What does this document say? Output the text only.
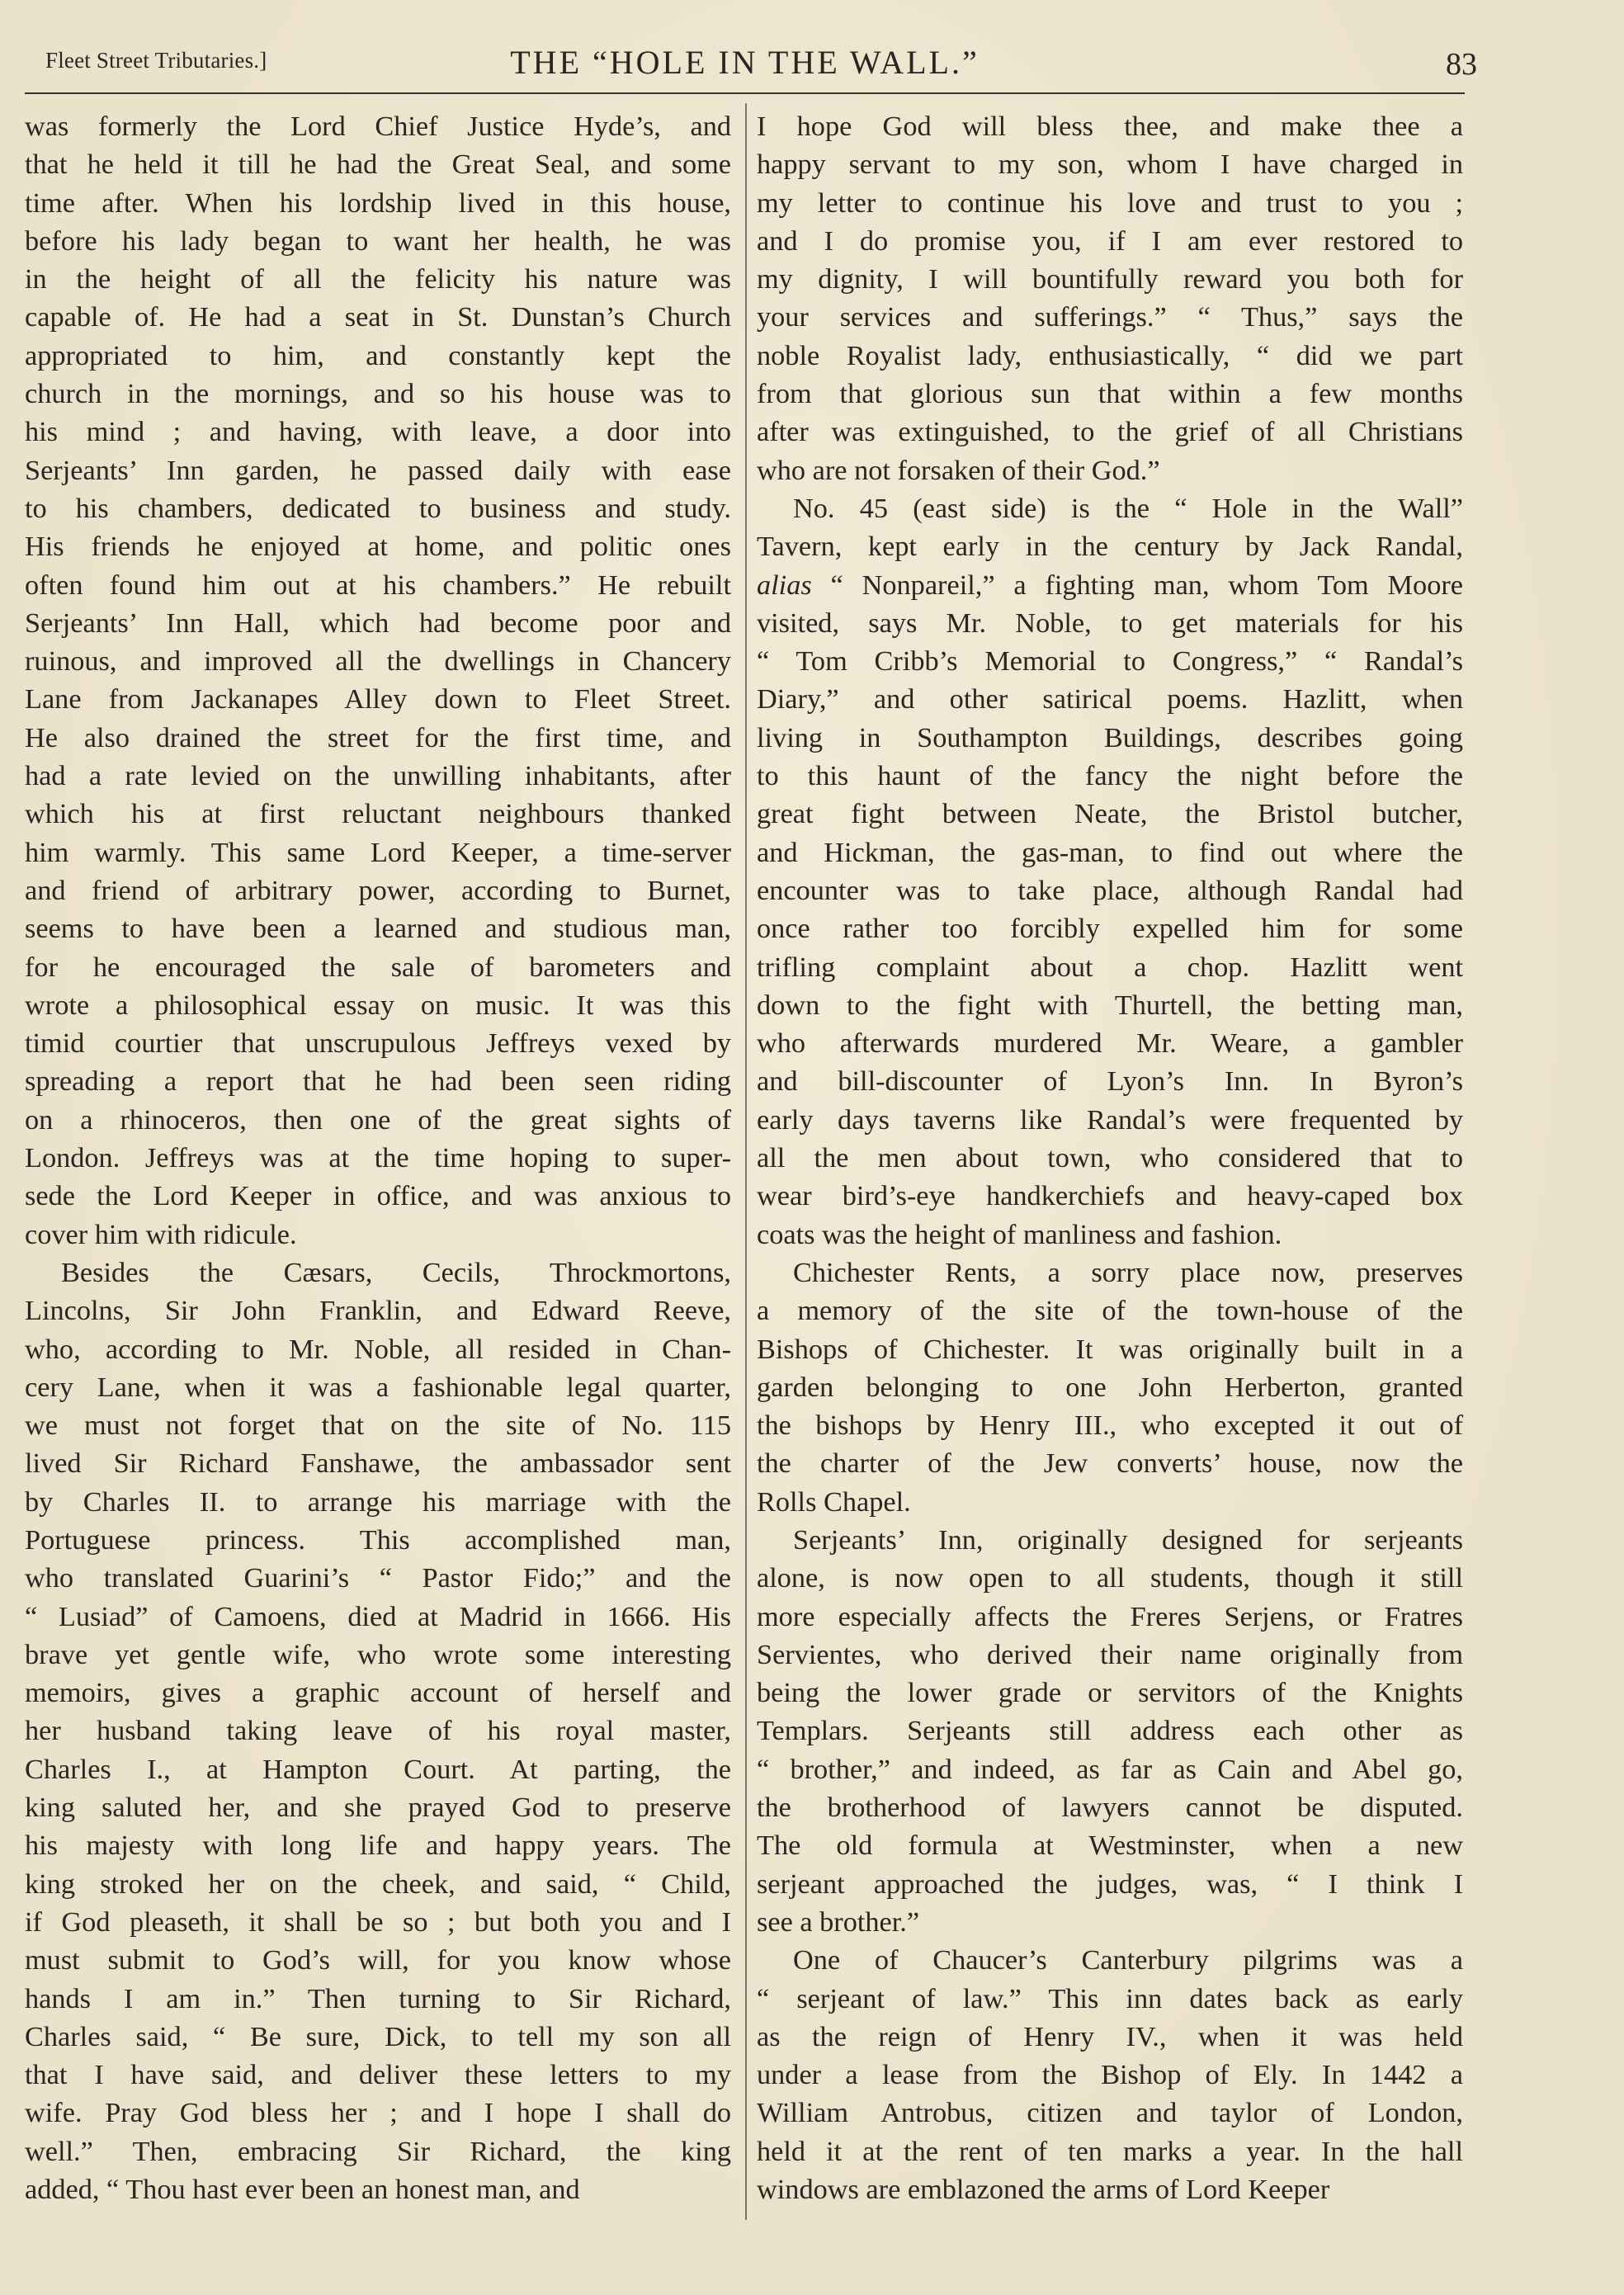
Fleet Street Tributaries.]	THE “HOLE IN THE WALL.”	83

was formerly the Lord Chief Justice Hyde’s, and
that he held it till he had the Great Seal, and some
time after. When his lordship lived in this house,
before his lady began to want her health, he was
in the height of all the felicity his nature was
capable of. He had a seat in St. Dunstan’s Church
appropriated to him, and constantly kept the
church in the mornings, and so his house was to
his mind ; and having, with leave, a door into
Serjeants’ Inn garden, he passed daily with ease
to his chambers, dedicated to business and study.
His friends he enjoyed at home, and politic ones
often found him out at his chambers.” He rebuilt
Serjeants’ Inn Hall, which had become poor and
ruinous, and improved all the dwellings in Chancery
Lane from Jackanapes Alley down to Fleet Street.
He also drained the street for the first time, and
had a rate levied on the unwilling inhabitants, after
which his at first reluctant neighbours thanked
him warmly. This same Lord Keeper, a time-server
and friend of arbitrary power, according to Burnet,
seems to have been a learned and studious man,
for he encouraged the sale of barometers and
wrote a philosophical essay on music. It was this
timid courtier that unscrupulous Jeffreys vexed by
spreading a report that he had been seen riding
on a rhinoceros, then one of the great sights of
London. Jeffreys was at the time hoping to super-
sede the Lord Keeper in office, and was anxious to
cover him with ridicule.

Besides the Cæsars, Cecils, Throckmortons,
Lincolns, Sir John Franklin, and Edward Reeve,
who, according to Mr. Noble, all resided in Chan-
cery Lane, when it was a fashionable legal quarter,
we must not forget that on the site of No. 115
lived Sir Richard Fanshawe, the ambassador sent
by Charles II. to arrange his marriage with the
Portuguese princess. This accomplished man,
who translated Guarini’s “ Pastor Fido;” and the
“ Lusiad” of Camoens, died at Madrid in 1666. His
brave yet gentle wife, who wrote some interesting
memoirs, gives a graphic account of herself and
her husband taking leave of his royal master,
Charles I., at Hampton Court. At parting, the
king saluted her, and she prayed God to preserve
his majesty with long life and happy years. The
king stroked her on the cheek, and said, “ Child,
if God pleaseth, it shall be so ; but both you and I
must submit to God’s will, for you know whose
hands I am in.” Then turning to Sir Richard,
Charles said, “ Be sure, Dick, to tell my son all
that I have said, and deliver these letters to my
wife. Pray God bless her ; and I hope I shall do
well.” Then, embracing Sir Richard, the king
added, “ Thou hast ever been an honest man, and

I hope God will bless thee, and make thee a
happy servant to my son, whom I have charged in
my letter to continue his love and trust to you ;
and I do promise you, if I am ever restored to
my dignity, I will bountifully reward you both for
your services and sufferings.” “ Thus,” says the
noble Royalist lady, enthusiastically, “ did we part
from that glorious sun that within a few months
after was extinguished, to the grief of all Christians
who are not forsaken of their God.”

No. 45 (east side) is the “ Hole in the Wall”
Tavern, kept early in the century by Jack Randal,
alias “ Nonpareil,” a fighting man, whom Tom Moore
visited, says Mr. Noble, to get materials for his
“ Tom Cribb’s Memorial to Congress,” “ Randal’s
Diary,” and other satirical poems. Hazlitt, when
living in Southampton Buildings, describes going
to this haunt of the fancy the night before the
great fight between Neate, the Bristol butcher,
and Hickman, the gas-man, to find out where the
encounter was to take place, although Randal had
once rather too forcibly expelled him for some
trifling complaint about a chop. Hazlitt went
down to the fight with Thurtell, the betting man,
who afterwards murdered Mr. Weare, a gambler
and bill-discounter of Lyon’s Inn. In Byron’s
early days taverns like Randal’s were frequented by
all the men about town, who considered that to
wear bird’s-eye handkerchiefs and heavy-caped box
coats was the height of manliness and fashion.

Chichester Rents, a sorry place now, preserves
a memory of the site of the town-house of the
Bishops of Chichester. It was originally built in a
garden belonging to one John Herberton, granted
the bishops by Henry III., who excepted it out of
the charter of the Jew converts’ house, now the
Rolls Chapel.

Serjeants’ Inn, originally designed for serjeants
alone, is now open to all students, though it still
more especially affects the Freres Serjens, or Fratres
Servientes, who derived their name originally from
being the lower grade or servitors of the Knights
Templars. Serjeants still address each other as
“ brother,” and indeed, as far as Cain and Abel go,
the brotherhood of lawyers cannot be disputed.
The old formula at Westminster, when a new
serjeant approached the judges, was, “ I think I
see a brother.”

One of Chaucer’s Canterbury pilgrims was a
“ serjeant of law.” This inn dates back as early
as the reign of Henry IV., when it was held
under a lease from the Bishop of Ely. In 1442 a
William Antrobus, citizen and taylor of London,
held it at the rent of ten marks a year. In the hall
windows are emblazoned the arms of Lord Keeper
